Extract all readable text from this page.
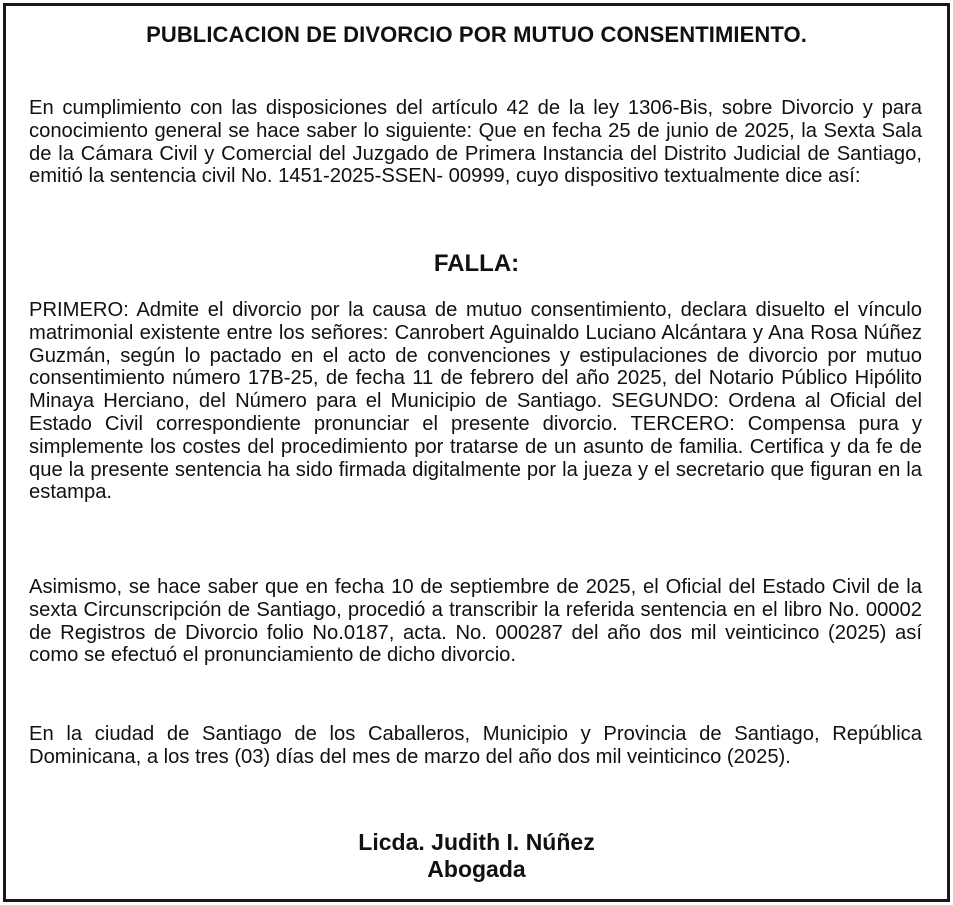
PUBLICACION DE DIVORCIO POR MUTUO CONSENTIMIENTO.

En cumplimiento con las disposiciones del artículo 42 de la ley 1306-Bis, sobre Divorcio y para conocimiento general se hace saber lo siguiente: Que en fecha 25 de junio de 2025, la Sexta Sala de la Cámara Civil y Comercial del Juzgado de Primera Instancia del Distrito Judicial de Santiago, emitió la sentencia civil No. 1451-2025-SSEN- 00999, cuyo dispositivo textualmente dice así:

FALLA:

PRIMERO: Admite el divorcio por la causa de mutuo consentimiento, declara disuelto el vínculo matrimonial existente entre los señores: Canrobert Aguinaldo Luciano Alcántara y Ana Rosa Núñez Guzmán, según lo pactado en el acto de convenciones y estipulaciones de divorcio por mutuo consentimiento número 17B-25, de fecha 11 de febrero del año 2025, del Notario Público Hipólito Minaya Herciano, del Número para el Municipio de Santiago. SEGUNDO: Ordena al Oficial del Estado Civil correspondiente pronunciar el presente divorcio. TERCERO: Compensa pura y simplemente los costes del procedimiento por tratarse de un asunto de familia. Certifica y da fe de que la presente sentencia ha sido firmada digitalmente por la jueza y el secretario que figuran en la estampa.

Asimismo, se hace saber que en fecha 10 de septiembre de 2025, el Oficial del Estado Civil de la sexta Circunscripción de Santiago, procedió a transcribir la referida sentencia en el libro No. 00002 de Registros de Divorcio folio No.0187, acta. No. 000287 del año dos mil veinticinco (2025) así como se efectuó el pronunciamiento de dicho divorcio.

En la ciudad de Santiago de los Caballeros, Municipio y Provincia de Santiago, República Dominicana, a los tres (03) días del mes de marzo del año dos mil veinticinco (2025).

Licda. Judith I. Núñez
Abogada
